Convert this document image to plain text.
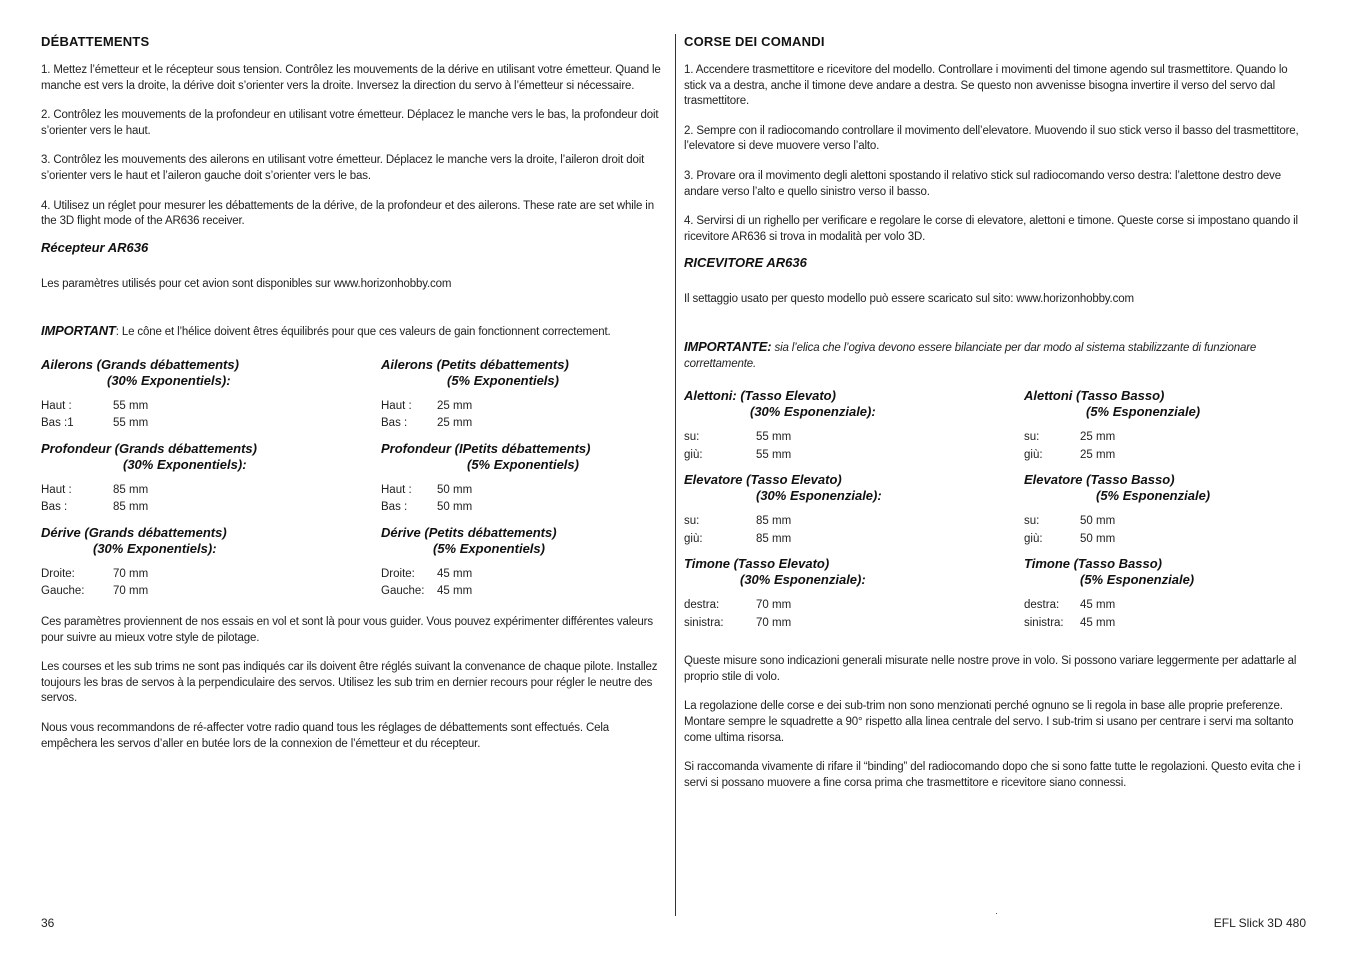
DÉBATTEMENTS
1. Mettez l’émetteur et le récepteur sous tension. Contrôlez les mouvements de la dérive en utilisant votre émetteur. Quand le manche est vers la droite, la dérive doit s’orienter vers la droite. Inversez la direction du servo à l’émetteur si nécessaire.
2. Contrôlez les mouvements de la profondeur en utilisant votre émetteur. Déplacez le manche vers le bas, la profondeur doit s’orienter vers le haut.
3. Contrôlez les mouvements des ailerons en utilisant votre émetteur. Déplacez le manche vers la droite, l’aileron droit doit s’orienter vers le haut et l’aileron gauche doit s’orienter vers le bas.
4. Utilisez un réglet pour mesurer les débattements de la dérive, de la profondeur et des ailerons. These rate are set while in the 3D flight mode of the AR636 receiver.
Récepteur AR636
Les paramètres utilisés pour cet avion sont disponibles sur www.horizonhobby.com
IMPORTANT: Le cône et l’hélice doivent êtres équilibrés pour que ces valeurs de gain fonctionnent correctement.
Ailerons (Grands débattements)
(30% Exponentiels):
Haut :	55 mm
Bas :1	55 mm
Ailerons (Petits débattements)
(5% Exponentiels)
Haut :	25 mm
Bas :	25 mm
Profondeur (Grands débattements)
(30% Exponentiels):
Haut :	85 mm
Bas :	85 mm
Profondeur (IPetits débattements)
(5% Exponentiels)
Haut :	50 mm
Bas :	50 mm
Dérive (Grands débattements)
(30% Exponentiels):
Droite:	70 mm
Gauche:	70 mm
Dérive (Petits débattements)
(5% Exponentiels)
Droite:	45 mm
Gauche:	45 mm
Ces paramètres proviennent de nos essais en vol et sont là pour vous guider. Vous pouvez expérimenter différentes valeurs pour suivre au mieux votre style de pilotage.
Les courses et les sub trims ne sont pas indiqués car ils doivent être réglés suivant la convenance de chaque pilote. Installez toujours les bras de servos à la perpendiculaire des servos. Utilisez les sub trim en dernier recours pour régler le neutre des servos.
Nous vous recommandons de ré-affecter votre radio quand tous les réglages de débattements sont effectués. Cela empêchera les servos d’aller en butée lors de la connexion de l’émetteur et du récepteur.
CORSE DEI COMANDI
1. Accendere trasmettitore e ricevitore del modello. Controllare i movimenti del timone agendo sul trasmettitore. Quando lo stick va a destra, anche il timone deve andare a destra. Se questo non avvenisse bisogna invertire il verso del servo dal trasmettitore.
2. Sempre con il radiocomando controllare il movimento dell’elevatore. Muovendo il suo stick verso il basso del trasmettitore, l’elevatore si deve muovere verso l’alto.
3. Provare ora il movimento degli alettoni spostando il relativo stick sul radiocomando verso destra: l’alettone destro deve andare verso l’alto e quello sinistro verso il basso.
4. Servirsi di un righello per verificare e regolare le corse di elevatore, alettoni e timone. Queste corse si impostano quando il ricevitore AR636 si trova in modalità per volo 3D.
RICEVITORE AR636
Il settaggio usato per questo modello può essere scaricato sul sito: www.horizonhobby.com
IMPORTANTE: sia l’elica che l’ogiva devono essere bilanciate per dar modo al sistema stabilizzante di funzionare correttamente.
Alettoni: (Tasso Elevato)
(30% Esponenziale):
su:	55 mm
giù:	55 mm
Alettoni (Tasso Basso)
(5% Esponenziale)
su:	25 mm
giù:	25 mm
Elevatore (Tasso Elevato)
(30% Esponenziale):
su:	85 mm
giù:	85 mm
Elevatore (Tasso Basso)
(5% Esponenziale)
su:	50 mm
giù:	50 mm
Timone (Tasso Elevato)
(30% Esponenziale):
destra:	70 mm
sinistra:	70 mm
Timone (Tasso Basso)
(5% Esponenziale)
destra:	45 mm
sinistra:	45 mm
Queste misure sono indicazioni generali misurate nelle nostre prove in volo. Si possono variare leggermente per adattarle al proprio stile di volo.
La regolazione delle corse e dei sub-trim non sono menzionati perché ognuno se li regola in base alle proprie preferenze. Montare sempre le squadrette a 90° rispetto alla linea centrale del servo. I sub-trim si usano per centrare i servi ma soltanto come ultima risorsa.
Si raccomanda vivamente di rifare il “binding” del radiocomando dopo che si sono fatte tutte le regolazioni. Questo evita che i servi si possano muovere a fine corsa prima che trasmettitore e ricevitore siano connessi.
36	EFL Slick 3D 480
